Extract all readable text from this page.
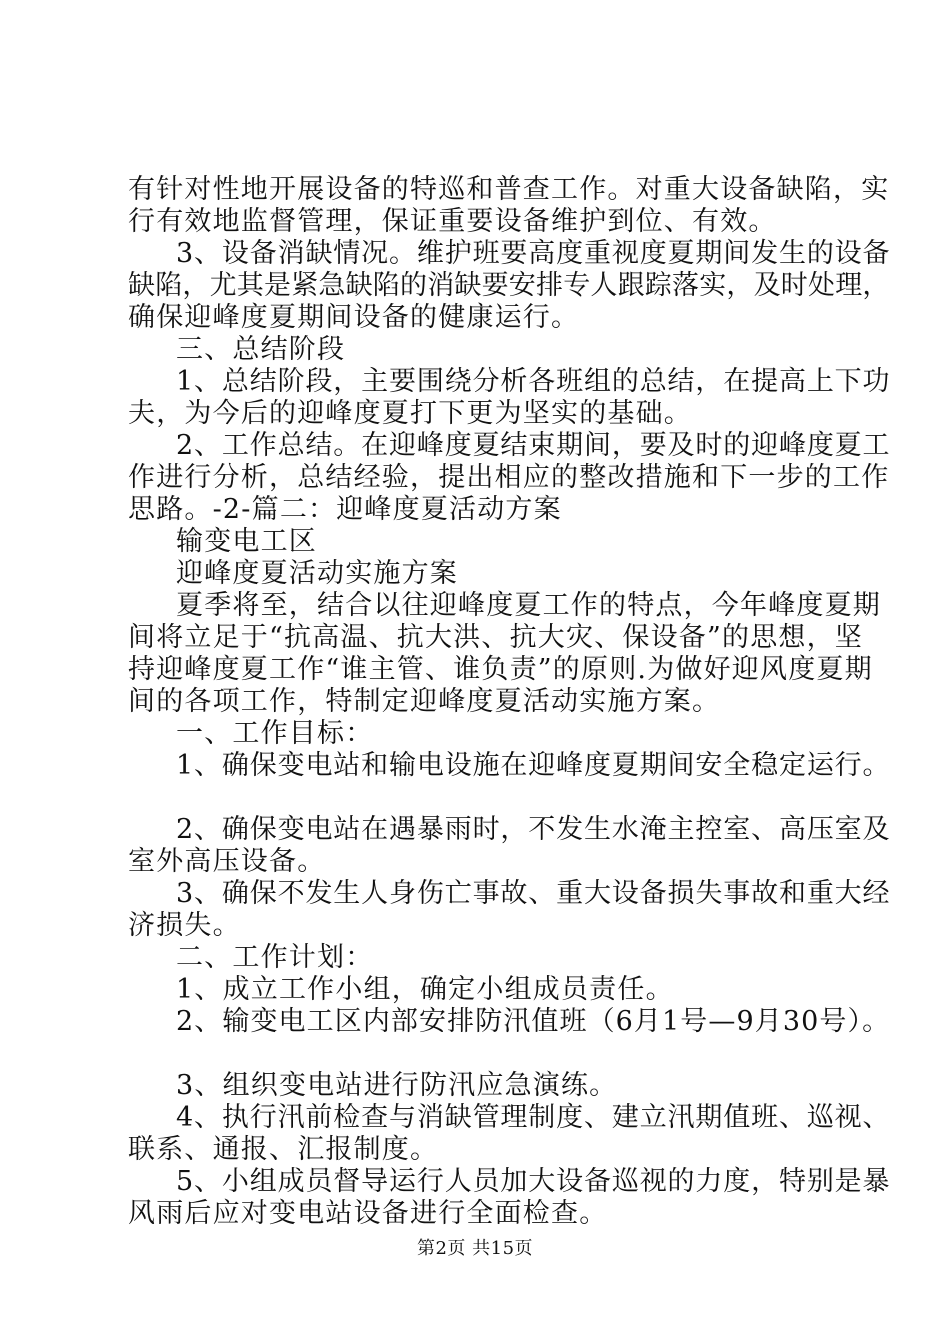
有针对性地开展设备的特巡和普查工作。对重大设备缺陷，实
行有效地监督管理，保证重要设备维护到位、有效。
3、设备消缺情况。维护班要高度重视度夏期间发生的设备
缺陷，尤其是紧急缺陷的消缺要安排专人跟踪落实，及时处理，
确保迎峰度夏期间设备的健康运行。
三、总结阶段
1、总结阶段，主要围绕分析各班组的总结，在提高上下功
夫，为今后的迎峰度夏打下更为坚实的基础。
2、工作总结。在迎峰度夏结束期间，要及时的迎峰度夏工
作进行分析，总结经验，提出相应的整改措施和下一步的工作
思路。-2-篇二：迎峰度夏活动方案
输变电工区
迎峰度夏活动实施方案
夏季将至，结合以往迎峰度夏工作的特点，今年峰度夏期
间将立足于“抗高温、抗大洪、抗大灾、保设备”的思想，坚
持迎峰度夏工作“谁主管、谁负责”的原则.为做好迎风度夏期
间的各项工作，特制定迎峰度夏活动实施方案。
一、工作目标：
1、确保变电站和输电设施在迎峰度夏期间安全稳定运行。
2、确保变电站在遇暴雨时，不发生水淹主控室、高压室及
室外高压设备。
3、确保不发生人身伤亡事故、重大设备损失事故和重大经
济损失。
二、工作计划：
1、成立工作小组，确定小组成员责任。
2、输变电工区内部安排防汛值班（6月1号—9月30号）。
3、组织变电站进行防汛应急演练。
4、执行汛前检查与消缺管理制度、建立汛期值班、巡视、
联系、通报、汇报制度。
5、小组成员督导运行人员加大设备巡视的力度，特别是暴
风雨后应对变电站设备进行全面检查。
第2页 共15页
